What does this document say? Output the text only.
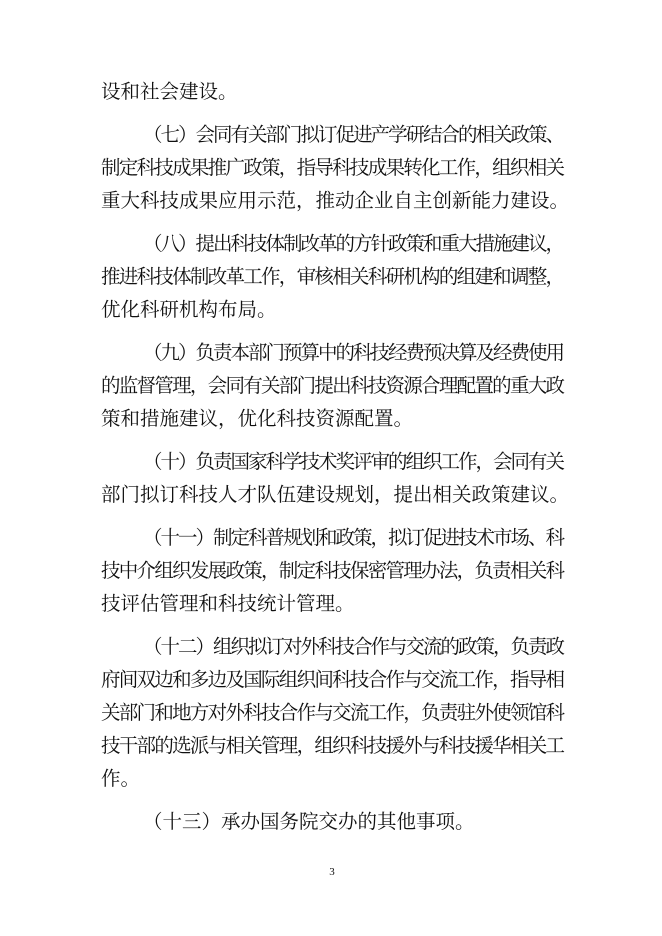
设和社会建设。
（七）会同有关部门拟订促进产学研结合的相关政策、
制定科技成果推广政策，指导科技成果转化工作，组织相关
重大科技成果应用示范，推动企业自主创新能力建设。
（八）提出科技体制改革的方针政策和重大措施建议，
推进科技体制改革工作，审核相关科研机构的组建和调整，
优化科研机构布局。
（九）负责本部门预算中的科技经费预决算及经费使用
的监督管理，会同有关部门提出科技资源合理配置的重大政
策和措施建议，优化科技资源配置。
（十）负责国家科学技术奖评审的组织工作，会同有关
部门拟订科技人才队伍建设规划，提出相关政策建议。
（十一）制定科普规划和政策，拟订促进技术市场、科
技中介组织发展政策，制定科技保密管理办法，负责相关科
技评估管理和科技统计管理。
（十二）组织拟订对外科技合作与交流的政策，负责政
府间双边和多边及国际组织间科技合作与交流工作，指导相
关部门和地方对外科技合作与交流工作，负责驻外使领馆科
技干部的选派与相关管理，组织科技援外与科技援华相关工
作。
（十三）承办国务院交办的其他事项。
3
